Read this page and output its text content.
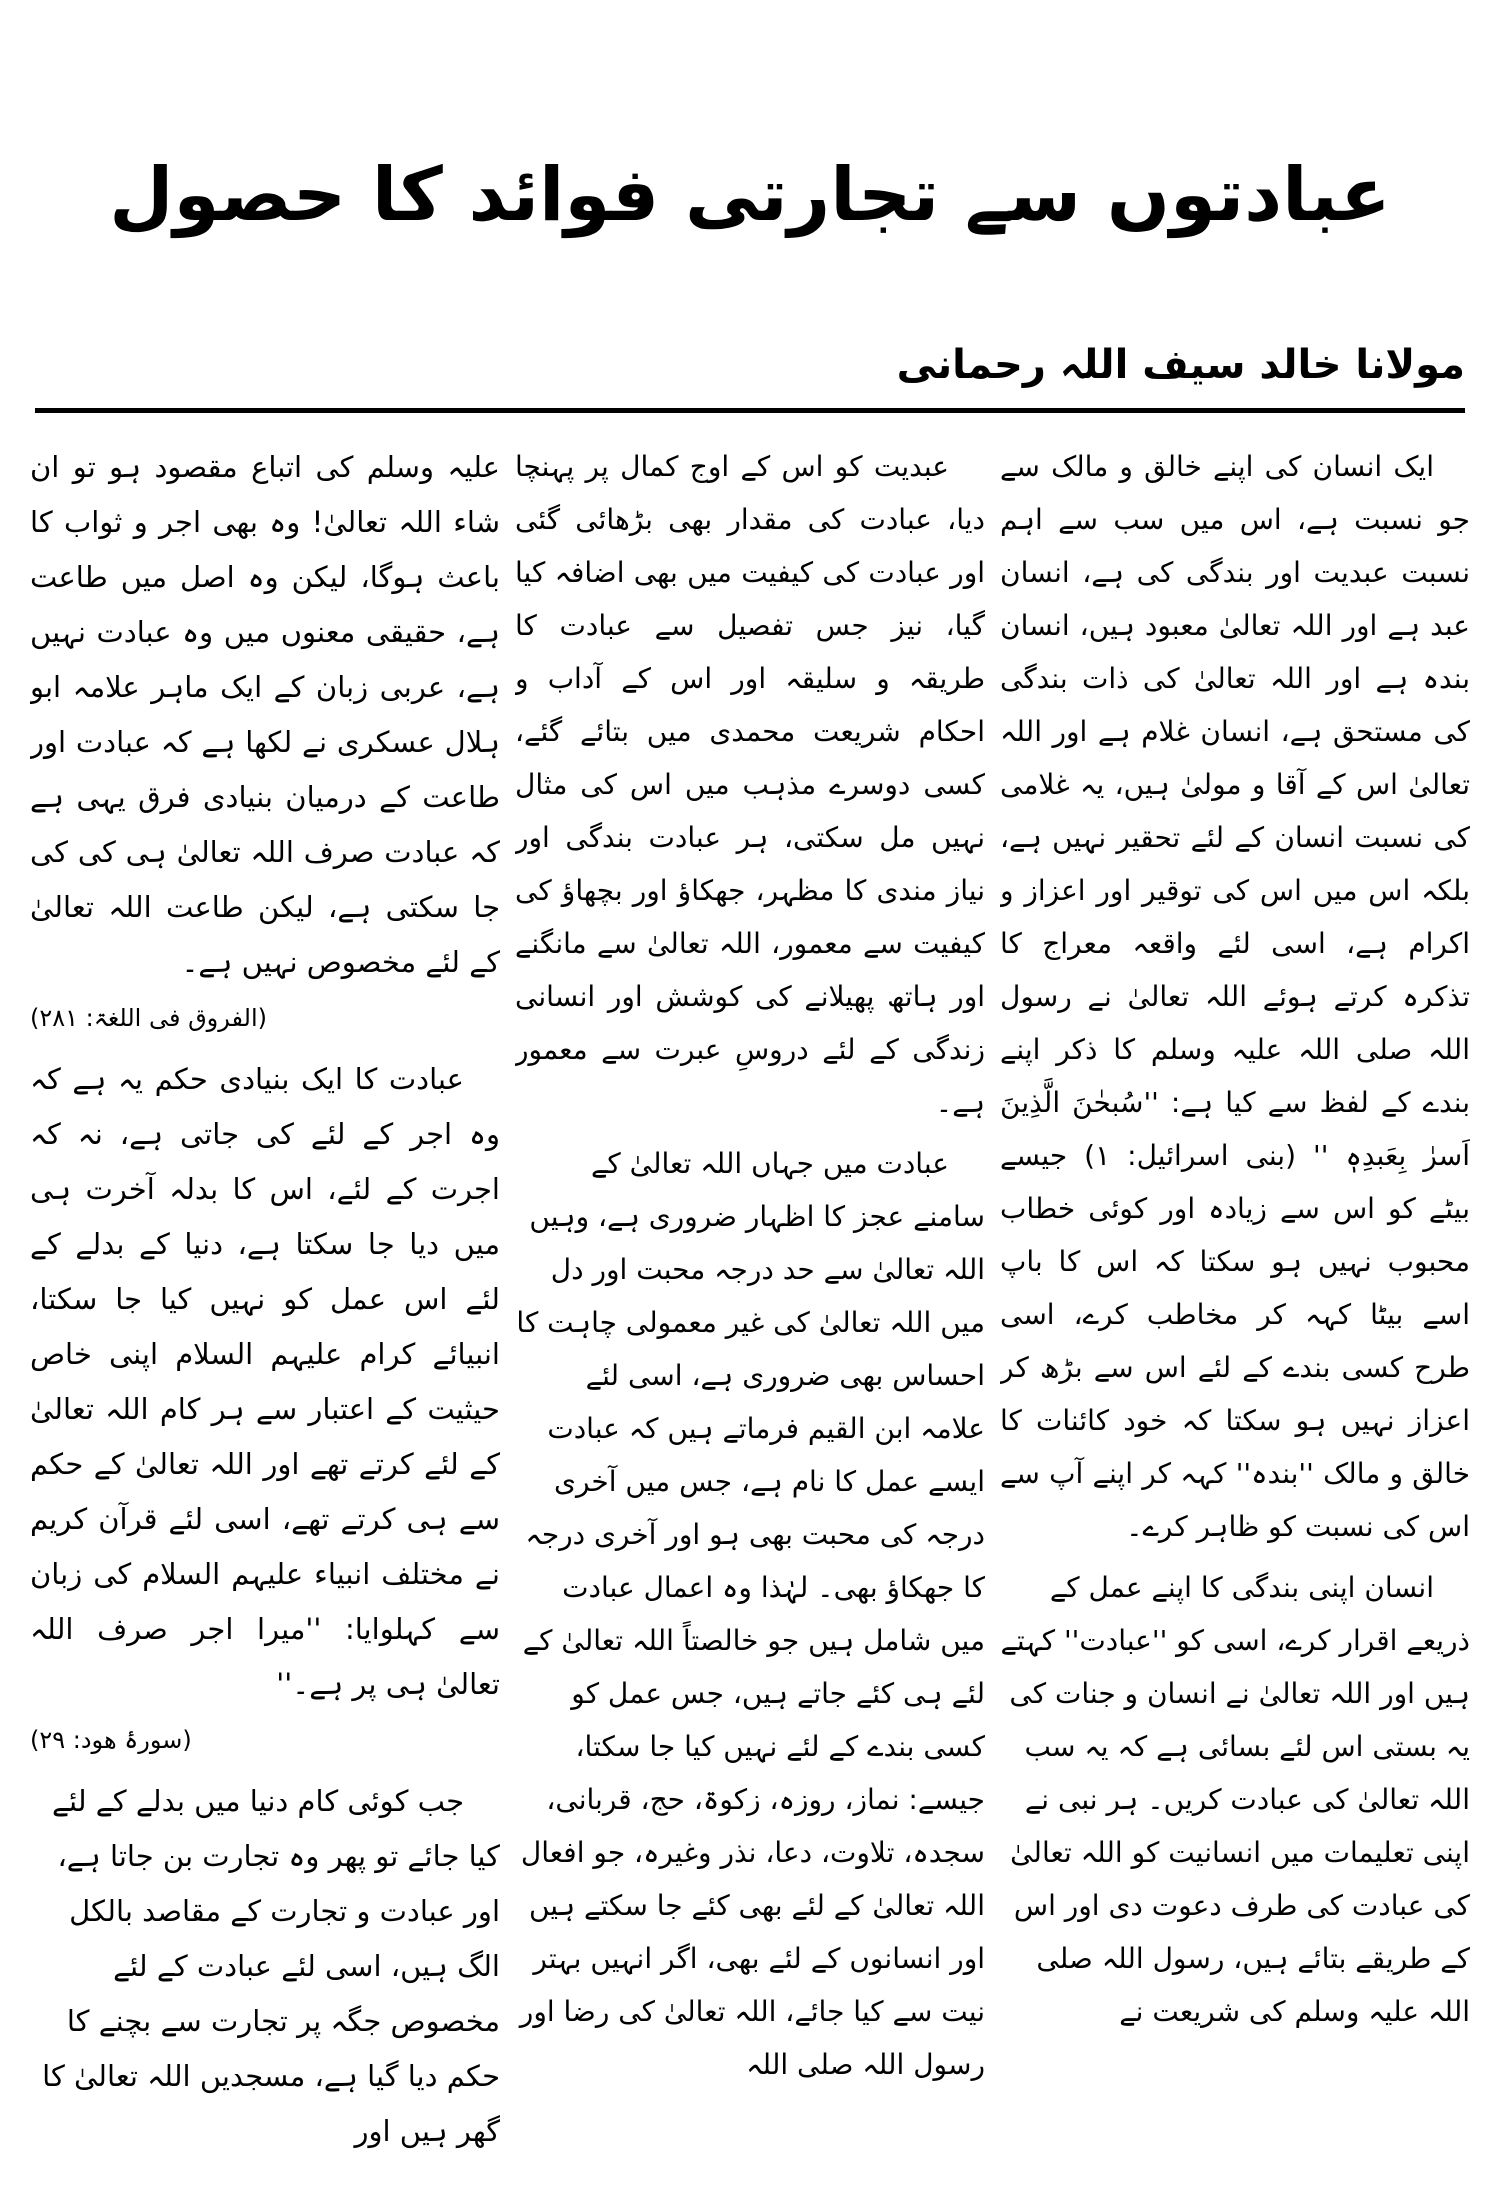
عبادتوں سے تجارتی فوائد کا حصول
مولانا خالد سیف اللہ رحمانی

ایک انسان کی اپنے خالق و مالک سے جو نسبت ہے، اس میں سب سے اہم نسبت عبدیت اور بندگی کی ہے، انسان عبد ہے اور اللہ تعالیٰ معبود ہیں، انسان بندہ ہے اور اللہ تعالیٰ کی ذات بندگی کی مستحق ہے، انسان غلام ہے اور اللہ تعالیٰ اس کے آقا و مولیٰ ہیں، یہ غلامی کی نسبت انسان کے لئے تحقیر نہیں ہے، بلکہ اس میں اس کی توقیر اور اعزاز و اکرام ہے، اسی لئے واقعہ معراج کا تذکرہ کرتے ہوئے اللہ تعالیٰ نے رسول اللہ صلی اللہ علیہ وسلم کا ذکر اپنے بندے کے لفظ سے کیا ہے: ''سُبحٰنَ الَّذِینَ اَسرٰ بِعَبدِہٖ '' (بنی اسرائیل: ۱) جیسے بیٹے کو اس سے زیادہ اور کوئی خطاب محبوب نہیں ہو سکتا کہ اس کا باپ اسے بیٹا کہہ کر مخاطب کرے، اسی طرح کسی بندے کے لئے اس سے بڑھ کر اعزاز نہیں ہو سکتا کہ خود کائنات کا خالق و مالک ''بندہ'' کہہ کر اپنے آپ سے اس کی نسبت کو ظاہر کرے۔

انسان اپنی بندگی کا اپنے عمل کے ذریعے اقرار کرے، اسی کو ''عبادت'' کہتے ہیں اور اللہ تعالیٰ نے انسان و جنات کی یہ بستی اس لئے بسائی ہے کہ یہ سب اللہ تعالیٰ کی عبادت کریں۔ ہر نبی نے اپنی تعلیمات میں انسانیت کو اللہ تعالیٰ کی عبادت کی طرف دعوت دی اور اس کے طریقے بتائے ہیں، رسول اللہ صلی اللہ علیہ وسلم کی شریعت نے

عبدیت کو اس کے اوج کمال پر پہنچا دیا، عبادت کی مقدار بھی بڑھائی گئی اور عبادت کی کیفیت میں بھی اضافہ کیا گیا، نیز جس تفصیل سے عبادت کا طریقہ و سلیقہ اور اس کے آداب و احکام شریعت محمدی میں بتائے گئے، کسی دوسرے مذہب میں اس کی مثال نہیں مل سکتی، ہر عبادت بندگی اور نیاز مندی کا مظہر، جھکاؤ اور بچھاؤ کی کیفیت سے معمور، اللہ تعالیٰ سے مانگنے اور ہاتھ پھیلانے کی کوشش اور انسانی زندگی کے لئے دروسِ عبرت سے معمور ہے۔

عبادت میں جہاں اللہ تعالیٰ کے سامنے عجز کا اظہار ضروری ہے، وہیں اللہ تعالیٰ سے حد درجہ محبت اور دل میں اللہ تعالیٰ کی غیر معمولی چاہت کا احساس بھی ضروری ہے، اسی لئے علامہ ابن القیم فرماتے ہیں کہ عبادت ایسے عمل کا نام ہے، جس میں آخری درجہ کی محبت بھی ہو اور آخری درجہ کا جھکاؤ بھی۔ لہٰذا وہ اعمال عبادت میں شامل ہیں جو خالصتاً اللہ تعالیٰ کے لئے ہی کئے جاتے ہیں، جس عمل کو کسی بندے کے لئے نہیں کیا جا سکتا، جیسے: نماز، روزہ، زکوۃ، حج، قربانی، سجدہ، تلاوت، دعا، نذر وغیرہ، جو افعال اللہ تعالیٰ کے لئے بھی کئے جا سکتے ہیں اور انسانوں کے لئے بھی، اگر انہیں بہتر نیت سے کیا جائے، اللہ تعالیٰ کی رضا اور رسول اللہ صلی اللہ

علیہ وسلم کی اتباع مقصود ہو تو ان شاء اللہ تعالیٰ! وہ بھی اجر و ثواب کا باعث ہوگا، لیکن وہ اصل میں طاعت ہے، حقیقی معنوں میں وہ عبادت نہیں ہے، عربی زبان کے ایک ماہر علامہ ابو ہلال عسکری نے لکھا ہے کہ عبادت اور طاعت کے درمیان بنیادی فرق یہی ہے کہ عبادت صرف اللہ تعالیٰ ہی کی کی جا سکتی ہے، لیکن طاعت اللہ تعالیٰ کے لئے مخصوص نہیں ہے۔

(الفروق فی اللغۃ: ۲۸۱)

عبادت کا ایک بنیادی حکم یہ ہے کہ وہ اجر کے لئے کی جاتی ہے، نہ کہ اجرت کے لئے، اس کا بدلہ آخرت ہی میں دیا جا سکتا ہے، دنیا کے بدلے کے لئے اس عمل کو نہیں کیا جا سکتا، انبیائے کرام علیہم السلام اپنی خاص حیثیت کے اعتبار سے ہر کام اللہ تعالیٰ کے لئے کرتے تھے اور اللہ تعالیٰ کے حکم سے ہی کرتے تھے، اسی لئے قرآن کریم نے مختلف انبیاء علیہم السلام کی زبان سے کہلوایا: ''میرا اجر صرف اللہ تعالیٰ ہی پر ہے۔''

(سورۂ ھود: ۲۹)

جب کوئی کام دنیا میں بدلے کے لئے کیا جائے تو پھر وہ تجارت بن جاتا ہے، اور عبادت و تجارت کے مقاصد بالکل الگ ہیں، اسی لئے عبادت کے لئے مخصوص جگہ پر تجارت سے بچنے کا حکم دیا گیا ہے، مسجدیں اللہ تعالیٰ کا گھر ہیں اور
